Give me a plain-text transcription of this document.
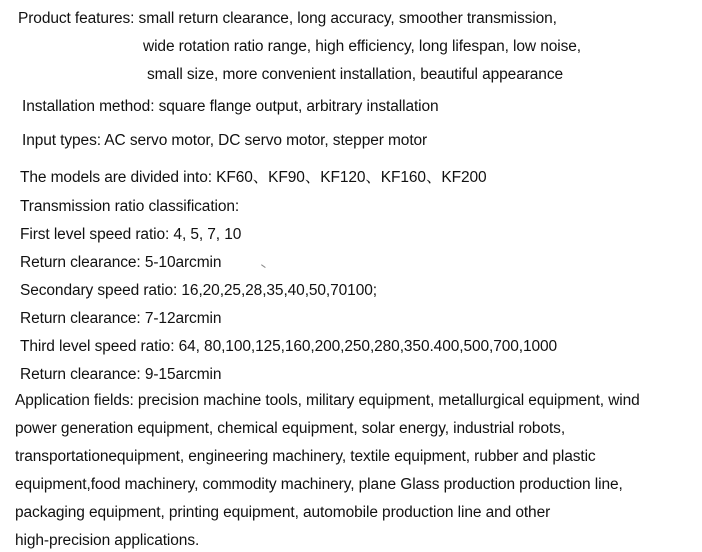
Product features: small return clearance, long accuracy, smoother transmission,
wide rotation ratio range, high efficiency, long lifespan, low noise,
small size, more convenient installation, beautiful appearance
Installation method: square flange output, arbitrary installation
Input types: AC servo motor, DC servo motor, stepper motor
The models are divided into: KF60、KF90、KF120、KF160、KF200
Transmission ratio classification:
First level speed ratio: 4, 5, 7, 10
Return clearance: 5-10arcmin
Secondary speed ratio: 16,20,25,28,35,40,50,70100;
Return clearance: 7-12arcmin
Third level speed ratio: 64, 80,100,125,160,200,250,280,350.400,500,700,1000
Return clearance: 9-15arcmin
Application fields: precision machine tools, military equipment, metallurgical equipment, wind
power generation equipment, chemical equipment, solar energy, industrial robots,
transportationequipment, engineering machinery, textile equipment, rubber and plastic
equipment,food machinery, commodity machinery, plane Glass production production line,
packaging equipment, printing equipment, automobile production line and other
high-precision applications.
